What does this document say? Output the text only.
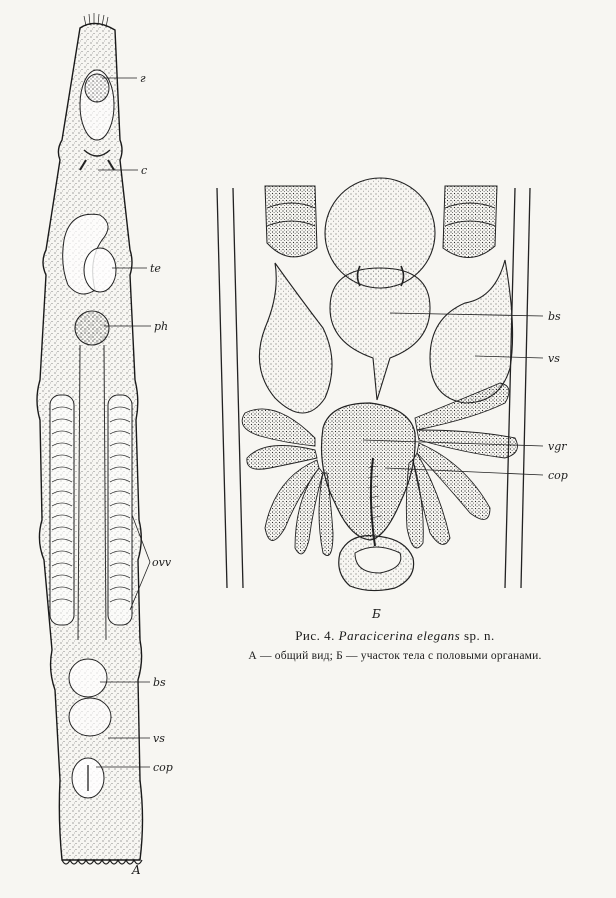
г
с
te
ph
ovv
bs
vs
cop
A
bs
vs
vgr
cop
Б
Рис. 4. Paracicerina elegans sp. n.
А — общий вид; Б — участок тела с половыми органами.
